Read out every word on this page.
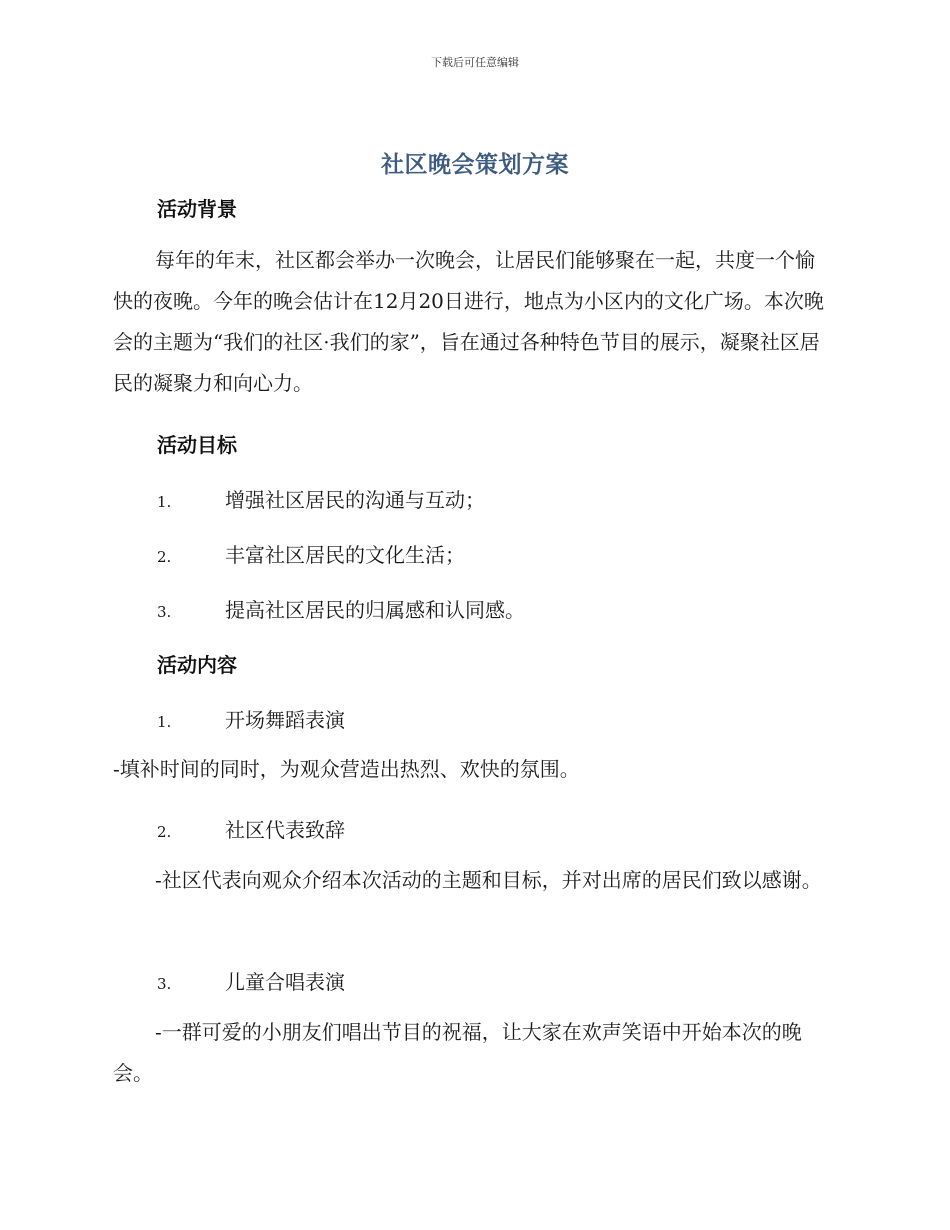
下载后可任意编辑
社区晚会策划方案
活动背景
每年的年末，社区都会举办一次晚会，让居民们能够聚在一起，共度一个愉快的夜晚。今年的晚会估计在12月20日进行，地点为小区内的文化广场。本次晚会的主题为“我们的社区·我们的家”，旨在通过各种特色节目的展示，凝聚社区居民的凝聚力和向心力。
活动目标
1.	增强社区居民的沟通与互动；
2.	丰富社区居民的文化生活；
3.	提高社区居民的归属感和认同感。
活动内容
1.	开场舞蹈表演
-填补时间的同时，为观众营造出热烈、欢快的氛围。
2.	社区代表致辞
-社区代表向观众介绍本次活动的主题和目标，并对出席的居民们致以感谢。
3.	儿童合唱表演
-一群可爱的小朋友们唱出节目的祝福，让大家在欢声笑语中开始本次的晚会。
